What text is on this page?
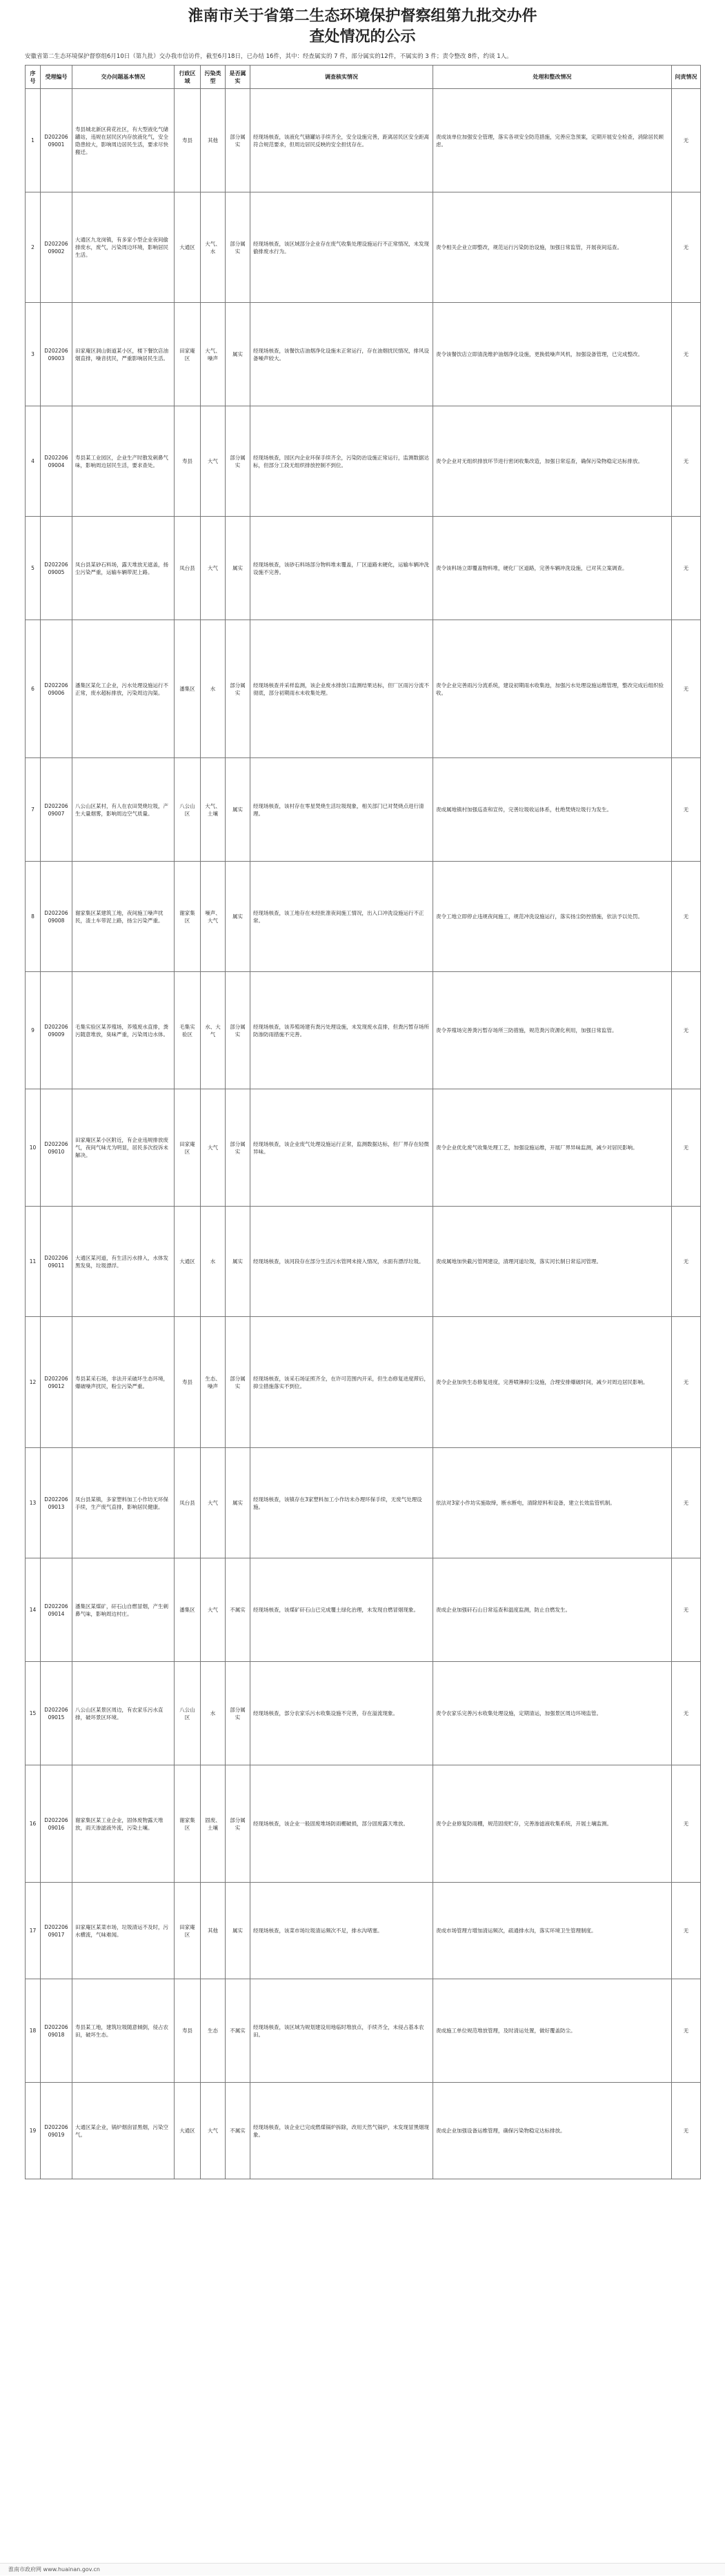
淮南市关于省第二生态环境保护督察组第九批交办件
查处情况的公示

安徽省第二生态环境保护督察组6月10日（第九批）交办我市信访件，截至6月18日，已办结 16件，其中：经查属实的 7 件，部分属实的12件，不属实的 3 件；责令整改 8件，约谈 1人。

序号	受理编号	交办问题基本情况	行政区域	污染类型	是否属实	调查核实情况	处理和整改情况	问责情况
1	D20220609001	寿县城北新区荷花社区，有大型液化气储罐站，违规在居民区内存放液化气，安全隐患较大，影响周边居民生活，要求尽快搬迁。	寿县	其他	部分属实	经现场核查，该液化气储罐站手续齐全，安全设施完善，距离居民区安全距离符合规范要求，但周边居民反映的安全担忧存在。	责成该单位加强安全管理，落实各项安全防范措施，完善应急预案，定期开展安全检查，消除居民顾虑。	无
2	D20220609002	大通区九龙岗镇，有多家小型企业夜间偷排废水，废气，污染周边环境，影响居民生活。	大通区	大气、水	部分属实	经现场核查，该区域部分企业存在废气收集处理设施运行不正常情况，未发现偷排废水行为。	责令相关企业立即整改，规范运行污染防治设施，加强日常监管，开展夜间巡查。	无
3	D20220609003	田家庵区洞山街道某小区，楼下餐饮店油烟直排，噪音扰民，严重影响居民生活。	田家庵区	大气、噪声	属实	经现场核查，该餐饮店油烟净化设施未正常运行，存在油烟扰民情况，排风设备噪声较大。	责令该餐饮店立即清洗维护油烟净化设施，更换低噪声风机，加强设备管理，已完成整改。	无
4	D20220609004	寿县某工业园区，企业生产时散发刺鼻气味，影响周边居民生活，要求查处。	寿县	大气	部分属实	经现场核查，园区内企业环保手续齐全，污染防治设施正常运行，监测数据达标，但部分工段无组织排放控制不到位。	责令企业对无组织排放环节进行密闭收集改造，加强日常巡查，确保污染物稳定达标排放。	无
5	D20220609005	凤台县某砂石料场，露天堆放无遮盖，扬尘污染严重，运输车辆带泥上路。	凤台县	大气	属实	经现场核查，该砂石料场部分物料堆未覆盖，厂区道路未硬化，运输车辆冲洗设施不完善。	责令该料场立即覆盖物料堆，硬化厂区道路，完善车辆冲洗设施，已对其立案调查。	无
6	D20220609006	潘集区某化工企业，污水处理设施运行不正常，废水超标排放，污染周边沟渠。	潘集区	水	部分属实	经现场核查并采样监测，该企业废水排放口监测结果达标，但厂区雨污分流不彻底，部分初期雨水未收集处理。	责令企业完善雨污分流系统，建设初期雨水收集池，加强污水处理设施运维管理，整改完成后组织验收。	无
7	D20220609007	八公山区某村，有人在农田焚烧垃圾，产生大量烟雾，影响周边空气质量。	八公山区	大气、土壤	属实	经现场核查，该村存在零星焚烧生活垃圾现象，相关部门已对焚烧点进行清理。	责成属地镇村加强巡查和宣传，完善垃圾收运体系，杜绝焚烧垃圾行为发生。	无
8	D20220609008	谢家集区某建筑工地，夜间施工噪声扰民，渣土车带泥上路，扬尘污染严重。	谢家集区	噪声、大气	属实	经现场核查，该工地存在未经批准夜间施工情况，出入口冲洗设施运行不正常。	责令工地立即停止违规夜间施工，规范冲洗设施运行，落实扬尘防控措施，依法予以处罚。	无
9	D20220609009	毛集实验区某养殖场，养殖废水直排，粪污随意堆放，臭味严重，污染周边水体。	毛集实验区	水、大气	部分属实	经现场核查，该养殖场建有粪污处理设施，未发现废水直排，但粪污暂存场所防渗防雨措施不完善。	责令养殖场完善粪污暂存场所三防措施，规范粪污资源化利用，加强日常监管。	无
10	D20220609010	田家庵区某小区附近，有企业违规排放废气，夜间气味尤为明显，居民多次投诉未解决。	田家庵区	大气	部分属实	经现场核查，该企业废气处理设施运行正常，监测数据达标，但厂界存在轻微异味。	责令企业优化废气收集处理工艺，加强设施运维，开展厂界异味监测，减少对居民影响。	无
11	D20220609011	大通区某河道，有生活污水排入，水体发黑发臭，垃圾漂浮。	大通区	水	属实	经现场核查，该河段存在部分生活污水管网未接入情况，水面有漂浮垃圾。	责成属地加快截污管网建设，清理河道垃圾，落实河长制日常巡河管理。	无
12	D20220609012	寿县某采石场，非法开采破坏生态环境，爆破噪声扰民，粉尘污染严重。	寿县	生态、噪声	部分属实	经现场核查，该采石场证照齐全，在许可范围内开采，但生态修复进度滞后，抑尘措施落实不到位。	责令企业加快生态修复进度，完善喷淋抑尘设施，合理安排爆破时间，减少对周边居民影响。	无
13	D20220609013	凤台县某镇，多家塑料加工小作坊无环保手续，生产废气直排，影响居民健康。	凤台县	大气	属实	经现场核查，该镇存在3家塑料加工小作坊未办理环保手续，无废气处理设施。	依法对3家小作坊实施取缔，断水断电，清除原料和设备，建立长效监管机制。	无
14	D20220609014	潘集区某煤矿，矸石山自燃冒烟，产生刺鼻气味，影响周边村庄。	潘集区	大气	不属实	经现场核查，该煤矿矸石山已完成覆土绿化治理，未发现自燃冒烟现象。	责成企业加强矸石山日常巡查和温度监测，防止自燃发生。	无
15	D20220609015	八公山区某景区周边，有农家乐污水直排，破坏景区环境。	八公山区	水	部分属实	经现场核查，部分农家乐污水收集设施不完善，存在溢流现象。	责令农家乐完善污水收集处理设施，定期清运，加强景区周边环境监管。	无
16	D20220609016	谢家集区某工业企业，固体废物露天堆放，雨天渗滤液外流，污染土壤。	谢家集区	固废、土壤	部分属实	经现场核查，该企业一般固废堆场防雨棚破损，部分固废露天堆放。	责令企业修复防雨棚，规范固废贮存，完善渗滤液收集系统，开展土壤监测。	无
17	D20220609017	田家庵区某菜市场，垃圾清运不及时，污水横流，气味难闻。	田家庵区	其他	属实	经现场核查，该菜市场垃圾清运频次不足，排水沟堵塞。	责成市场管理方增加清运频次，疏通排水沟，落实环境卫生管理制度。	无
18	D20220609018	寿县某工地，建筑垃圾随意倾倒，侵占农田，破坏生态。	寿县	生态	不属实	经现场核查，该区域为规划建设用地临时堆放点，手续齐全，未侵占基本农田。	责成施工单位规范堆放管理，及时清运处置，做好覆盖防尘。	无
19	D20220609019	大通区某企业，锅炉烟囱冒黑烟，污染空气。	大通区	大气	不属实	经现场核查，该企业已完成燃煤锅炉拆除，改用天然气锅炉，未发现冒黑烟现象。	责成企业加强设备运维管理，确保污染物稳定达标排放。	无
淮南市政府网 www.huainan.gov.cn
